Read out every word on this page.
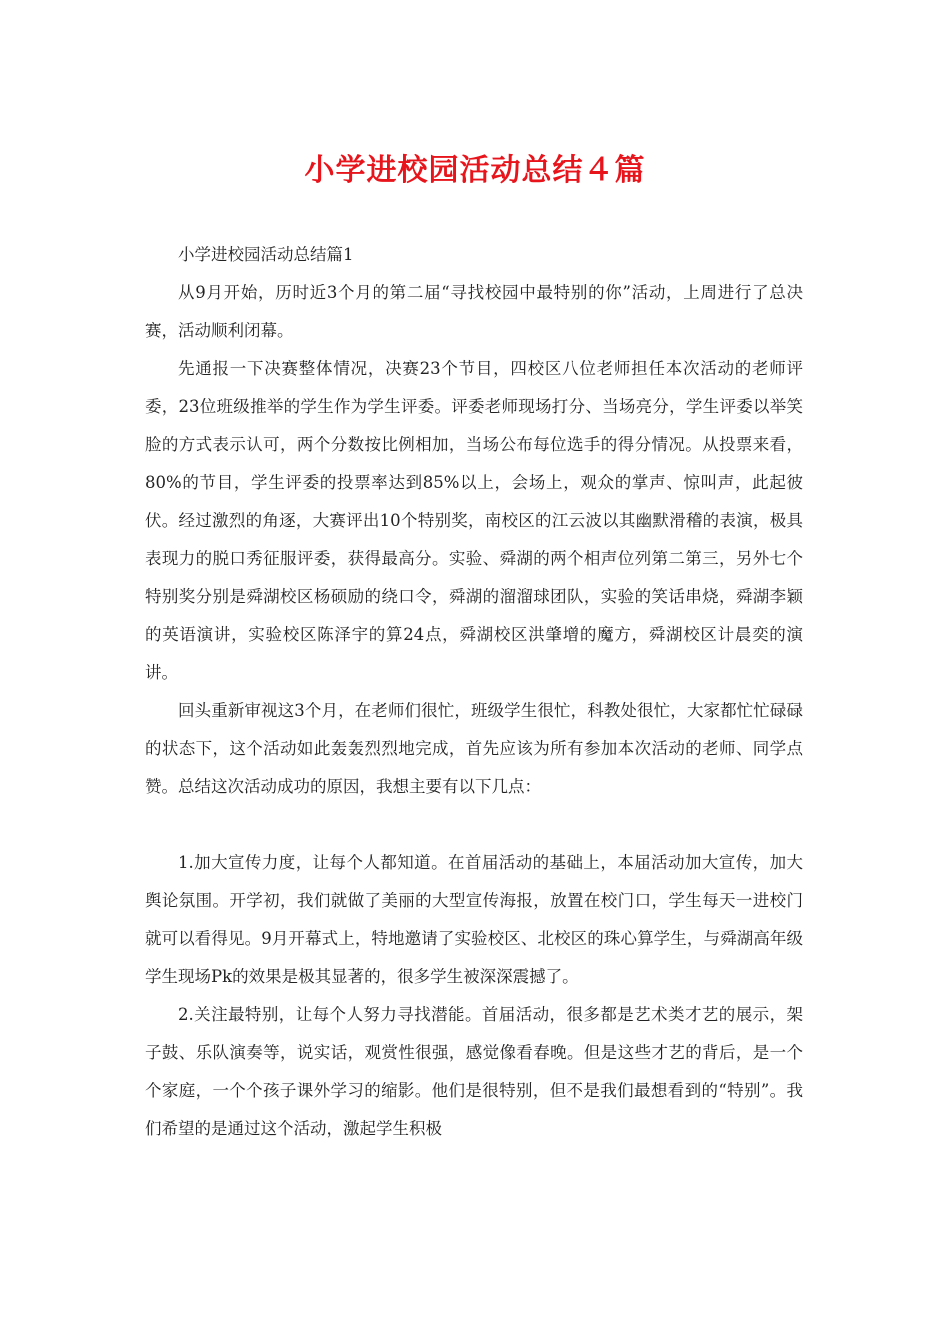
小学进校园活动总结４篇

小学进校园活动总结篇1

从9月开始，历时近3个月的第二届“寻找校园中最特别的你”活动，上周进行了总决赛，活动顺利闭幕。

先通报一下决赛整体情况，决赛23个节目，四校区八位老师担任本次活动的老师评委，23位班级推举的学生作为学生评委。评委老师现场打分、当场亮分，学生评委以举笑脸的方式表示认可，两个分数按比例相加，当场公布每位选手的得分情况。从投票来看，80%的节目，学生评委的投票率达到85%以上，会场上，观众的掌声、惊叫声，此起彼伏。经过激烈的角逐，大赛评出10个特别奖，南校区的江云波以其幽默滑稽的表演，极具表现力的脱口秀征服评委，获得最高分。实验、舜湖的两个相声位列第二第三，另外七个特别奖分别是舜湖校区杨硕励的绕口令，舜湖的溜溜球团队，实验的笑话串烧，舜湖李颖的英语演讲，实验校区陈泽宇的算24点，舜湖校区洪肇增的魔方，舜湖校区计晨奕的演讲。

回头重新审视这3个月，在老师们很忙，班级学生很忙，科教处很忙，大家都忙忙碌碌的状态下，这个活动如此轰轰烈烈地完成，首先应该为所有参加本次活动的老师、同学点赞。总结这次活动成功的原因，我想主要有以下几点：

1.加大宣传力度，让每个人都知道。在首届活动的基础上，本届活动加大宣传，加大舆论氛围。开学初，我们就做了美丽的大型宣传海报，放置在校门口，学生每天一进校门就可以看得见。9月开幕式上，特地邀请了实验校区、北校区的珠心算学生，与舜湖高年级学生现场Pk的效果是极其显著的，很多学生被深深震撼了。

2.关注最特别，让每个人努力寻找潜能。首届活动，很多都是艺术类才艺的展示，架子鼓、乐队演奏等，说实话，观赏性很强，感觉像看春晚。但是这些才艺的背后，是一个个家庭，一个个孩子课外学习的缩影。他们是很特别，但不是我们最想看到的“特别”。我们希望的是通过这个活动，激起学生积极
